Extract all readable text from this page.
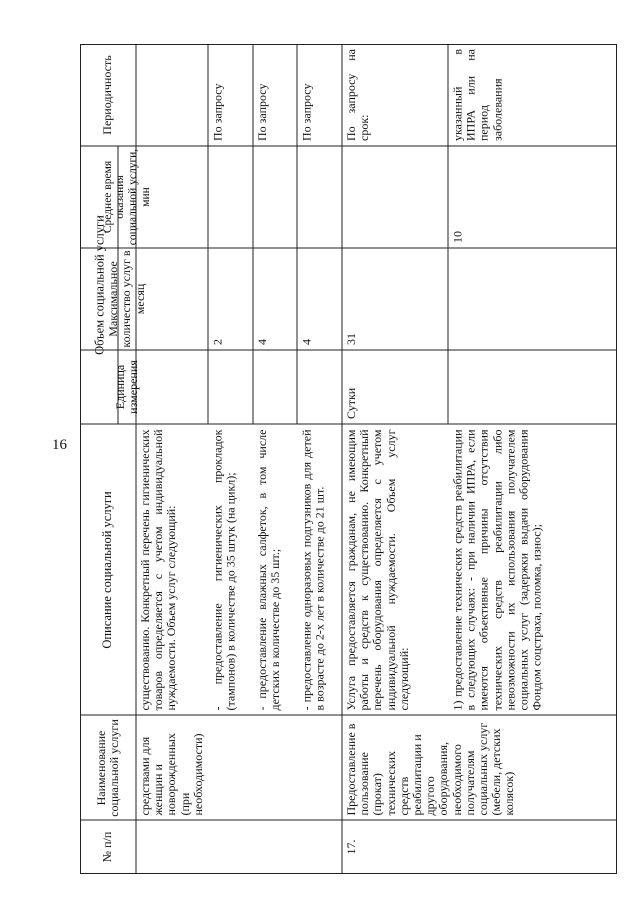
16
№ п/п
Наименование социальной услуги
Описание социальной услуги
Объем социальной услуги
Единица измерения
Максимальное количество услуг в месяц
Среднее время оказания социальной услуги, мин
Периодичность
средствами для женщин и новорожденных (при необходимости)
существованию. Конкретный перечень гигиенических товаров определяется с учетом индивидуальной нуждаемости. Объем услуг следующий:	- предоставление гигиенических прокладок (тампонов) в количестве до 35 штук (на цикл);
2
По запросу
- предоставление влажных салфеток, в том числе детских в количестве до 35 шт.;
4
По запросу
- предоставление одноразовых подгузников для детей в возрасте до 2-х лет в количестве до 21 шт.
4
По запросу
17.
Предоставление в пользование (прокат) технических средств реабилитации и другого оборудования, необходимого получателям социальных услуг (мебели, детских колясок)
Услуга предоставляется гражданам, не имеющим работы и средств к существованию. Конкретный перечень оборудования определяется с учетом индивидуальной нуждаемости. Объем услуг следующий:
Сутки
31
По запросу на срок:
1) предоставление технических средств реабилитации в следующих случаях: - при наличии ИПРА, если имеются объективные причины отсутствия технических средств реабилитации либо невозможности их использования получателем социальных услуг (задержки выдачи оборудования Фондом соцстраха, поломка, износ);
10
указанный в ИПРА или на период заболевания
